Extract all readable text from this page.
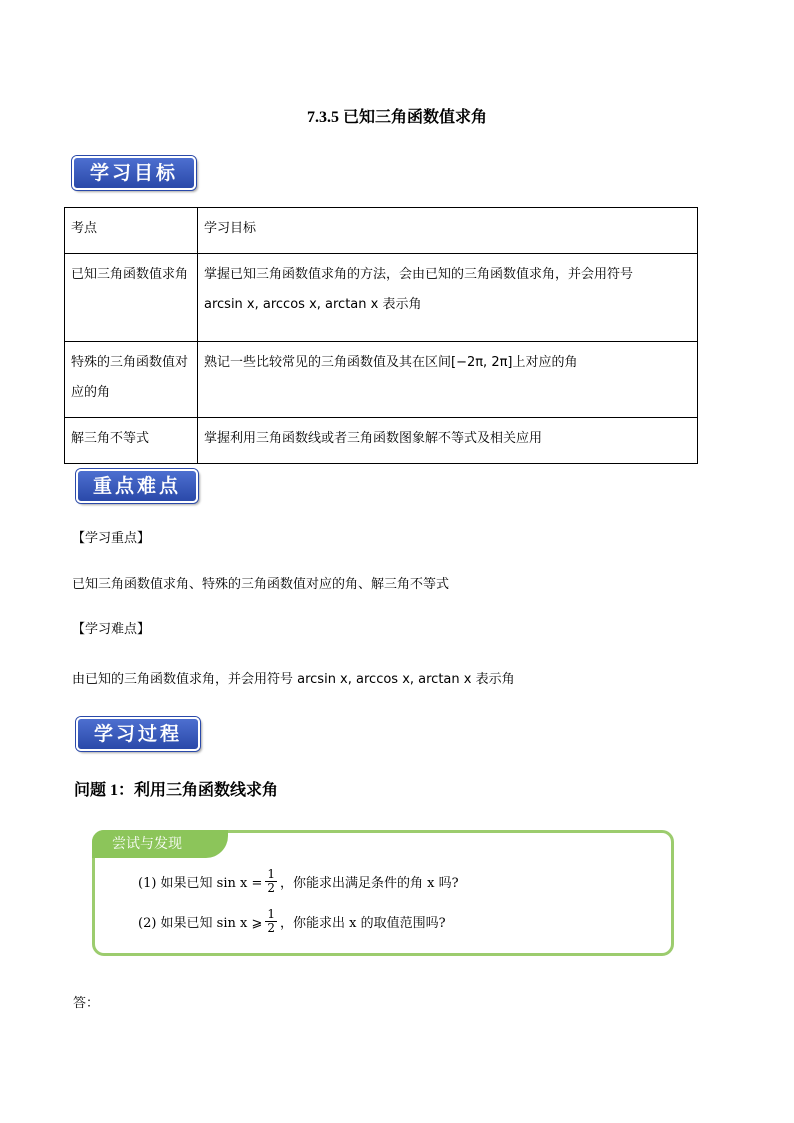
7.3.5 已知三角函数值求角
学习目标
考点	学习目标
已知三角函数值求角	掌握已知三角函数值求角的方法，会由已知的三角函数值求角，并会用符号
arcsin x, arccos x, arctan x 表示角

特殊的三角函数值对应的角	熟记一些比较常见的三角函数值及其在区间[−2π, 2π]上对应的角
解三角不等式	掌握利用三角函数线或者三角函数图象解不等式及相关应用
重点难点
【学习重点】
已知三角函数值求角、特殊的三角函数值对应的角、解三角不等式
【学习难点】
由已知的三角函数值求角，并会用符号 arcsin x, arccos x, arctan x 表示角
学习过程
问题 1：利用三角函数线求角
尝试与发现
(1) 如果已知 $\sin x = \frac{1}{2}$ ，你能求出满足条件的角 x 吗?
(2) 如果已知 sin x ⩾ $\frac{1}{2}$ ，你能求出 x 的取值范围吗?
答：
